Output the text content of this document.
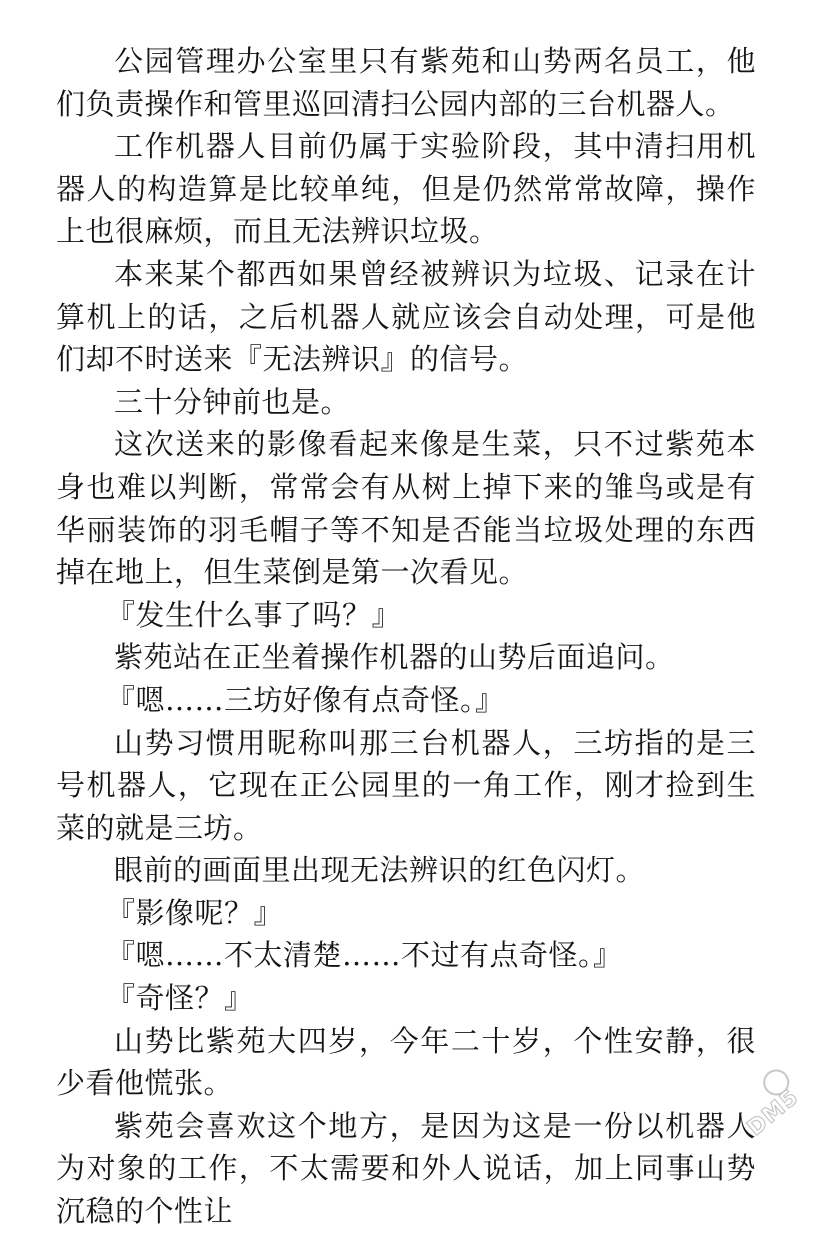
公园管理办公室里只有紫苑和山势两名员工，他们负责操作和管里巡回清扫公园内部的三台机器人。

工作机器人目前仍属于实验阶段，其中清扫用机器人的构造算是比较单纯，但是仍然常常故障，操作上也很麻烦，而且无法辨识垃圾。

本来某个都西如果曾经被辨识为垃圾、记录在计算机上的话，之后机器人就应该会自动处理，可是他们却不时送来『无法辨识』的信号。

三十分钟前也是。

这次送来的影像看起来像是生菜，只不过紫苑本身也难以判断，常常会有从树上掉下来的雏鸟或是有华丽装饰的羽毛帽子等不知是否能当垃圾处理的东西掉在地上，但生菜倒是第一次看见。

『发生什么事了吗？』

紫苑站在正坐着操作机器的山势后面追问。

『嗯……三坊好像有点奇怪。』

山势习惯用昵称叫那三台机器人，三坊指的是三号机器人，它现在正公园里的一角工作，刚才捡到生菜的就是三坊。

眼前的画面里出现无法辨识的红色闪灯。

『影像呢？』

『嗯……不太清楚……不过有点奇怪。』

『奇怪？』

山势比紫苑大四岁，今年二十岁，个性安静，很少看他慌张。

紫苑会喜欢这个地方，是因为这是一份以机器人为对象的工作，不太需要和外人说话，加上同事山势沉稳的个性让

DM5
